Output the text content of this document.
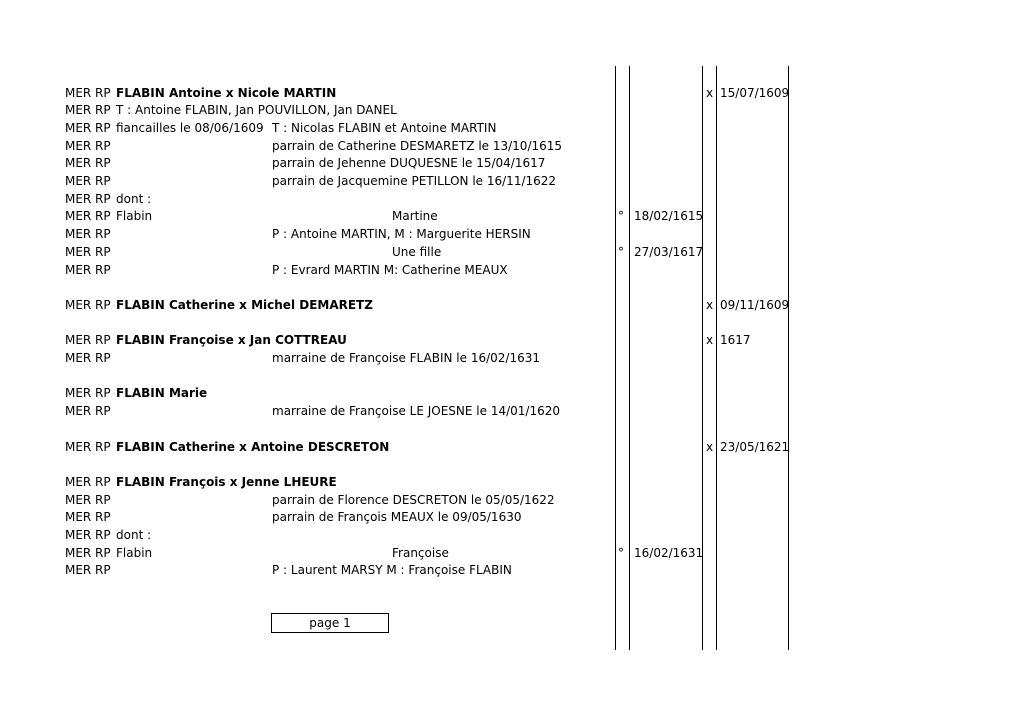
MER RP FLABIN Antoine x Nicole MARTIN	x 15/07/1609
MER RP T : Antoine FLABIN, Jan POUVILLON, Jan DANEL
MER RP fiancailles le 08/06/1609 T : Nicolas FLABIN et Antoine MARTIN
MER RP	parrain de Catherine DESMARETZ le 13/10/1615
MER RP	parrain de Jehenne DUQUESNE le 15/04/1617
MER RP	parrain de Jacquemine PETILLON le 16/11/1622
MER RP dont :
MER RP Flabin	Martine	° 18/02/1615
MER RP	P : Antoine MARTIN, M : Marguerite HERSIN
MER RP	Une fille	° 27/03/1617
MER RP	P : Evrard MARTIN M: Catherine MEAUX
MER RP FLABIN Catherine x Michel DEMARETZ	x 09/11/1609
MER RP FLABIN Françoise x Jan COTTREAU	x 1617
MER RP	marraine de Françoise FLABIN le 16/02/1631
MER RP FLABIN Marie
MER RP	marraine de Françoise LE JOESNE le 14/01/1620
MER RP FLABIN Catherine x Antoine DESCRETON	x 23/05/1621
MER RP FLABIN François x Jenne LHEURE
MER RP	parrain de Florence DESCRETON le 05/05/1622
MER RP	parrain de François MEAUX le 09/05/1630
MER RP dont :
MER RP Flabin	Françoise	° 16/02/1631
MER RP	P : Laurent MARSY M : Françoise FLABIN
page 1
